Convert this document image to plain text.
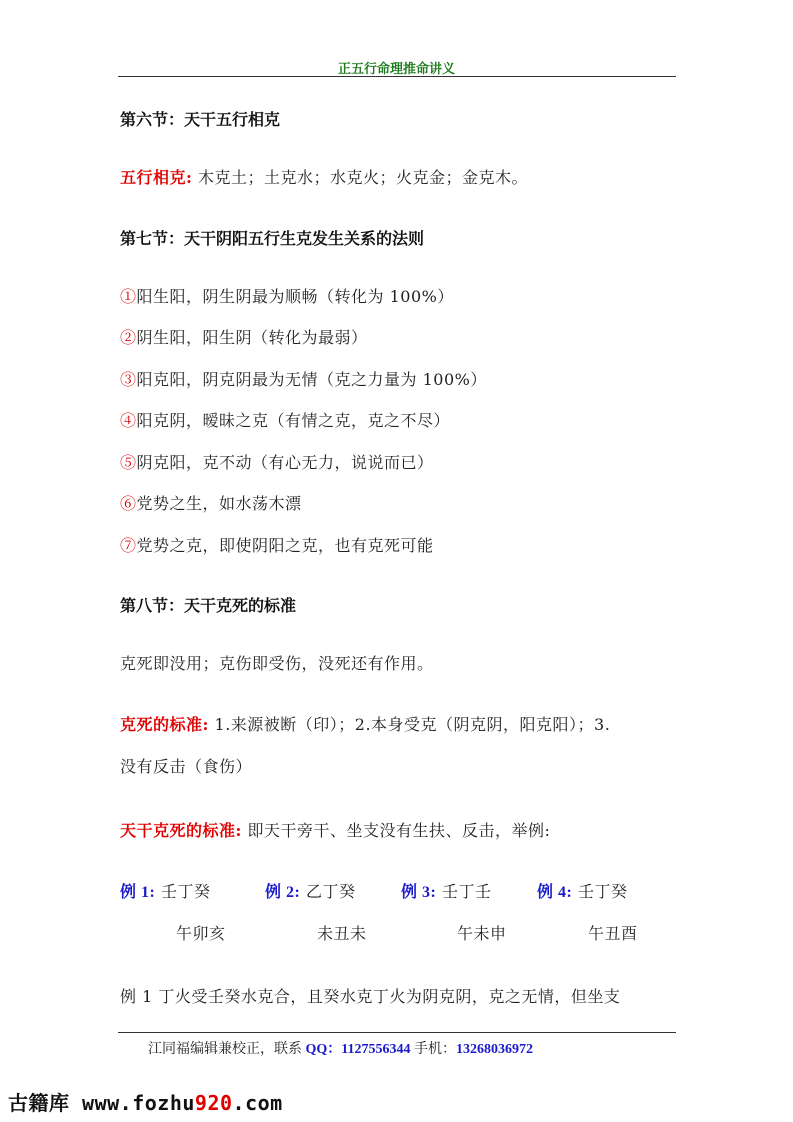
正五行命理推命讲义
第六节：天干五行相克
五行相克: 木克土；土克水；水克火；火克金；金克木。
第七节：天干阴阳五行生克发生关系的法则
①阳生阳，阴生阴最为顺畅（转化为 100%）
②阴生阳，阳生阴（转化为最弱）
③阳克阳，阴克阴最为无情（克之力量为 100%）
④阳克阴，暧昧之克（有情之克，克之不尽）
⑤阴克阳，克不动（有心无力，说说而已）
⑥党势之生，如水荡木漂
⑦党势之克，即使阴阳之克，也有克死可能
第八节：天干克死的标准
克死即没用；克伤即受伤，没死还有作用。
克死的标准: 1.来源被断（印）；2.本身受克（阴克阴，阳克阳）；3.
没有反击（食伤）
天干克死的标准: 即天干旁干、坐支没有生扶、反击，举例:
例 1: 壬丁癸
午卯亥
例 2: 乙丁癸
未丑未
例 3: 壬丁壬
午未申
例 4: 壬丁癸
午丑酉
例 1 丁火受壬癸水克合，且癸水克丁火为阴克阴，克之无情，但坐支
江同福编辑兼校正，联系 QQ：1127556344 手机：13268036972
古籍库 www.fozhu920.com
